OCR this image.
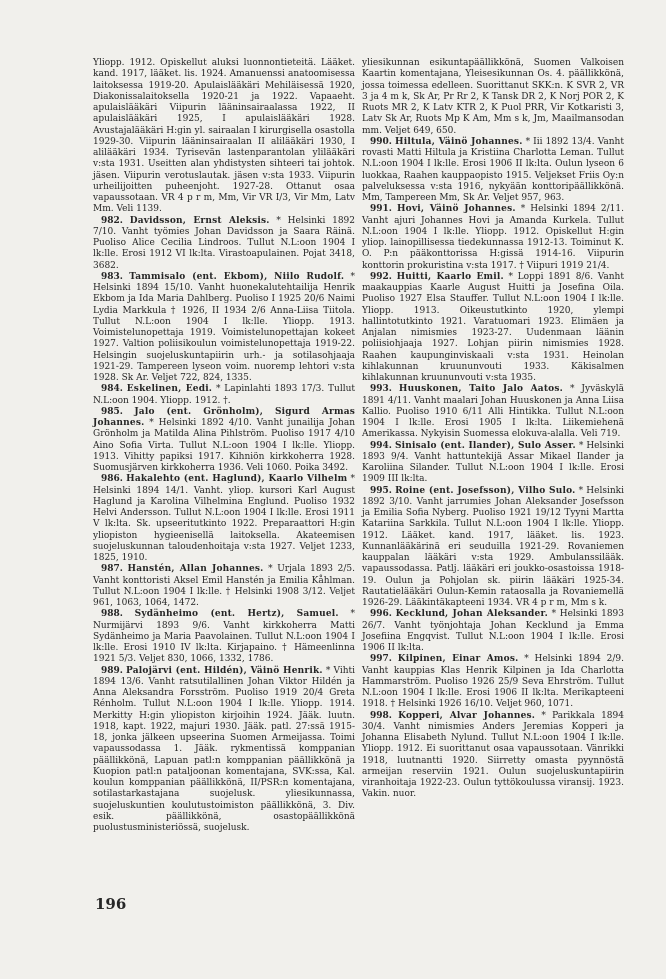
Yliopp. 1912. Opiskellut aluksi luonnontieteitä. Lääket. kand. 1917, lääket. lis. 1924. Amanuenssi anatoomisessa laitoksessa 1919-20. Apulaislääkäri Mehiläisessä 1920, Diakonissalaitoksella 1920-21 ja 1922. Vapaaeht. apulaislääkäri Viipurin lääninsairaalassa 1922, II apulaislääkäri 1925, I apulaislääkäri 1928. Avustajalääkäri H:gin yl. sairaalan I kirurgisella osastolla 1929-30. Viipurin lääninsairaalan II alilääkäri 1930, I alilääkäri 1934. Tyrisevän lastenparantolan ylilääkäri v:sta 1931. Useitten alan yhdistysten sihteeri tai johtok. jäsen. Viipurin verotuslautak. jäsen v:sta 1933. Viipurin urheilijoitten puheenjoht. 1927-28. Ottanut osaa vapaussotaan. VR 4 p r m, Mm, Vir VR I/3, Vir Mm, Latv Mm. Veli 1139.

982. Davidsson, Ernst Aleksis. * Helsinki 1892 7/10. Vanht työmies Johan Davidsson ja Saara Räinä. Puoliso Alice Cecilia Lindroos. Tullut N.L:oon 1904 I lk:lle. Erosi 1912 VI lk:lta. Virastoapulainen. Pojat 3418, 3682.

983. Tammisalo (ent. Ekbom), Niilo Rudolf. * Helsinki 1894 15/10. Vanht huonekalutehtailija Henrik Ekbom ja Ida Maria Dahlberg. Puoliso I 1925 20/6 Naimi Lydia Markkula † 1926, II 1934 2/6 Anna-Liisa Tiitola. Tullut N.L:oon 1904 I lk:lle. Yliopp. 1913. Voimistelunopettaja 1919. Voimistelunopettajan kokeet 1927. Valtion poliisikoulun voimistelunopettaja 1919-22. Helsingin suojeluskuntapiirin urh.- ja sotilasohjaaja 1921-29. Tampereen lyseon voim. nuoremp lehtori v:sta 1928. Sk Ar. Veljet 722, 824, 1335.

984. Eskelinen, Eedi. * Lapinlahti 1893 17/3. Tullut N.L:oon 1904. Yliopp. 1912. †.

985. Jalo (ent. Grönholm), Sigurd Armas Johannes. * Helsinki 1892 4/10. Vanht junailija Johan Grönholm ja Matilda Alina Pihlström. Puoliso 1917 4/10 Aino Sofia Virta. Tullut N.L:oon 1904 I lk:lle. Yliopp. 1913. Vihitty papiksi 1917. Kihniön kirkkoherra 1928. Suomusjärven kirkkoherra 1936. Veli 1060. Poika 3492.

986. Hakalehto (ent. Haglund), Kaarlo Vilhelm * Helsinki 1894 14/1. Vanht. yliop. kursori Karl August Haglund ja Karolina Vilhelmina Englund. Puoliso 1932 Helvi Andersson. Tullut N.L:oon 1904 I lk:lle. Erosi 1911 V lk:lta. Sk. upseeritutkinto 1922. Preparaattori H:gin yliopiston hygieenisellä laitoksella. Akateemisen suojeluskunnan taloudenhoitaja v:sta 1927. Veljet 1233, 1825, 1910.

987. Hanstén, Allan Johannes. * Urjala 1893 2/5. Vanht konttoristi Aksel Emil Hanstén ja Emilia Kåhlman. Tullut N.L:oon 1904 I lk:lle. † Helsinki 1908 3/12. Veljet 961, 1063, 1064, 1472.

988. Sydänheimo (ent. Hertz), Samuel. * Nurmijärvi 1893 9/6. Vanht kirkkoherra Matti Sydänheimo ja Maria Paavolainen. Tullut N.L:oon 1904 I lk:lle. Erosi 1910 IV lk:lta. Kirjapaino. † Hämeenlinna 1921 5/3. Veljet 830, 1066, 1332, 1786.

989. Palojärvi (ent. Hildén), Väinö Henrik. * Vihti 1894 13/6. Vanht ratsutilallinen Johan Viktor Hildén ja Anna Aleksandra Forsström. Puoliso 1919 20/4 Greta Rénholm. Tullut N.L:oon 1904 I lk:lle. Yliopp. 1914. Merkitty H:gin yliopiston kirjoihin 1924. Jääk. luutn. 1918, kapt. 1922, majuri 1930. Jääk. patl. 27:ssä 1915-18, jonka jälkeen upseerina Suomen Armeijassa. Toimi vapaussodassa 1. Jääk. rykmentissä komppanian päällikkönä, Lapuan patl:n komppanian päällikkönä ja Kuopion patl:n pataljoonan komentajana, SVK:ssa, Kal. koulun komppanian päällikkönä, II/PSR:n komentajana, sotilastarkastajana suojelusk. yliesikunnassa, suojeluskuntien koulutustoimiston päällikkönä, 3. Div. esik. päällikkönä, osastopäällikkönä puolustusministeriössä, suojelusk.

yliesikunnan esikuntapäällikkönä, Suomen Valkoisen Kaartin komentajana, Yleisesikunnan Os. 4. päällikkönä, jossa toimessa edelleen. Suorittanut SKK:n. K SVR 2, VR 3 ja 4 m k, Sk Ar, Pr Rr 2, K Tansk DR 2, K Norj POR 2, K Ruots MR 2, K Latv KTR 2, K Puol PRR, Vir Kotkaristi 3, Latv Sk Ar, Ruots Mp K Am, Mm s k, Jm, Maailmansodan mm. Veljet 649, 650.

990. Hiltula, Väinö Johannes. * Iii 1892 13/4. Vanht rovasti Matti Hiltula ja Kristiina Charlotta Leman. Tullut N.L:oon 1904 I lk:lle. Erosi 1906 II lk:lta. Oulun lyseon 6 luokkaa, Raahen kauppaopisto 1915. Veljekset Friis Oy:n palveluksessa v:sta 1916, nykyään konttoripäällikkönä. Mm, Tampereen Mm, Sk Ar. Veljet 957, 963.

991. Hovi, Väinö Johannes. * Helsinki 1894 2/11. Vanht ajuri Johannes Hovi ja Amanda Kurkela. Tullut N.L:oon 1904 I lk:lle. Yliopp. 1912. Opiskellut H:gin yliop. lainopillisessa tiedekunnassa 1912-13. Toiminut K. O. P:n pääkonttorissa H:gissä 1914-16. Viipurin konttorin prokuristina v:sta 1917. † Viipuri 1919 21/4.

992. Huitti, Kaarlo Emil. * Loppi 1891 8/6. Vanht maakauppias Kaarle August Huitti ja Josefina Oila. Puoliso 1927 Elsa Stauffer. Tullut N.L:oon 1904 I lk:lle. Yliopp. 1913. Oikeustutkinto 1920, ylempi hallintotutkinto 1921. Varatuomari 1923. Elimäen ja Anjalan nimismies 1923-27. Uudenmaan läänin poliisiohjaaja 1927. Lohjan piirin nimismies 1928. Raahen kaupunginviskaali v:sta 1931. Heinolan kihlakunnan kruununvouti 1933. Käkisalmen kihlakunnan kruununvouti v:sta 1935.

993. Huuskonen, Taito Jalo Aatos. * Jyväskylä 1891 4/11. Vanht maalari Johan Huuskonen ja Anna Liisa Kallio. Puoliso 1910 6/11 Alli Hintikka. Tullut N.L:oon 1904 I lk:lle. Erosi 1905 I lk:lta. Liikemiehenä Amerikassa. Nykyisin Suomessa elokuva-alalla. Veli 719.

994. Sinisalo (ent. Ilander), Sulo Asser. * Helsinki 1893 9/4. Vanht hattuntekijä Assar Mikael Ilander ja Karoliina Silander. Tullut N.L:oon 1904 I lk:lle. Erosi 1909 III lk:lta.

995. Roine (ent. Josefsson), Vilho Sulo. * Helsinki 1892 3/10. Vanht jarrumies Johan Aleksander Josefsson ja Emilia Sofia Nyberg. Puoliso 1921 19/12 Tyyni Martta Katariina Sarkkila. Tullut N.L:oon 1904 I lk:lle. Yliopp. 1912. Lääket. kand. 1917, lääket. lis. 1923. Kunnanlääkärinä eri seuduilla 1921-29. Rovaniemen kauppalan lääkäri v:sta 1929. Ambulanssilääk. vapaussodassa. Patlj. lääkäri eri joukko-osastoissa 1918-19. Oulun ja Pohjolan sk. piirin lääkäri 1925-34. Rautatielääkäri Oulun-Kemin rataosalla ja Rovaniemellä 1926-29. Lääkintäkapteeni 1934. VR 4 p r m, Mm s k.

996. Kecklund, Johan Aleksander. * Helsinki 1893 26/7. Vanht työnjohtaja Johan Kecklund ja Emma Josefiina Engqvist. Tullut N.L:oon 1904 I lk:lle. Erosi 1906 II lk:lta.

997. Kilpinen, Einar Amos. * Helsinki 1894 2/9. Vanht kauppias Klas Henrik Kilpinen ja Ida Charlotta Hammarström. Puoliso 1926 25/9 Seva Ehrström. Tullut N.L:oon 1904 I lk:lle. Erosi 1906 II lk:lta. Merikapteeni 1918. † Helsinki 1926 16/10. Veljet 960, 1071.

998. Kopperi, Alvar Johannes. * Parikkala 1894 30/4. Vanht nimismies Anders Jeremias Kopperi ja Johanna Elisabeth Nylund. Tullut N.L:oon 1904 I lk:lle. Yliopp. 1912. Ei suorittanut osaa vapaussotaan. Vänrikki 1918, luutnantti 1920. Siirretty omasta pyynnöstä armeijan reserviin 1921. Oulun suojeluskuntapiirin viranhoitaja 1922-23. Oulun tyttökoulussa viransij. 1923. Vakin. nuor.

196
